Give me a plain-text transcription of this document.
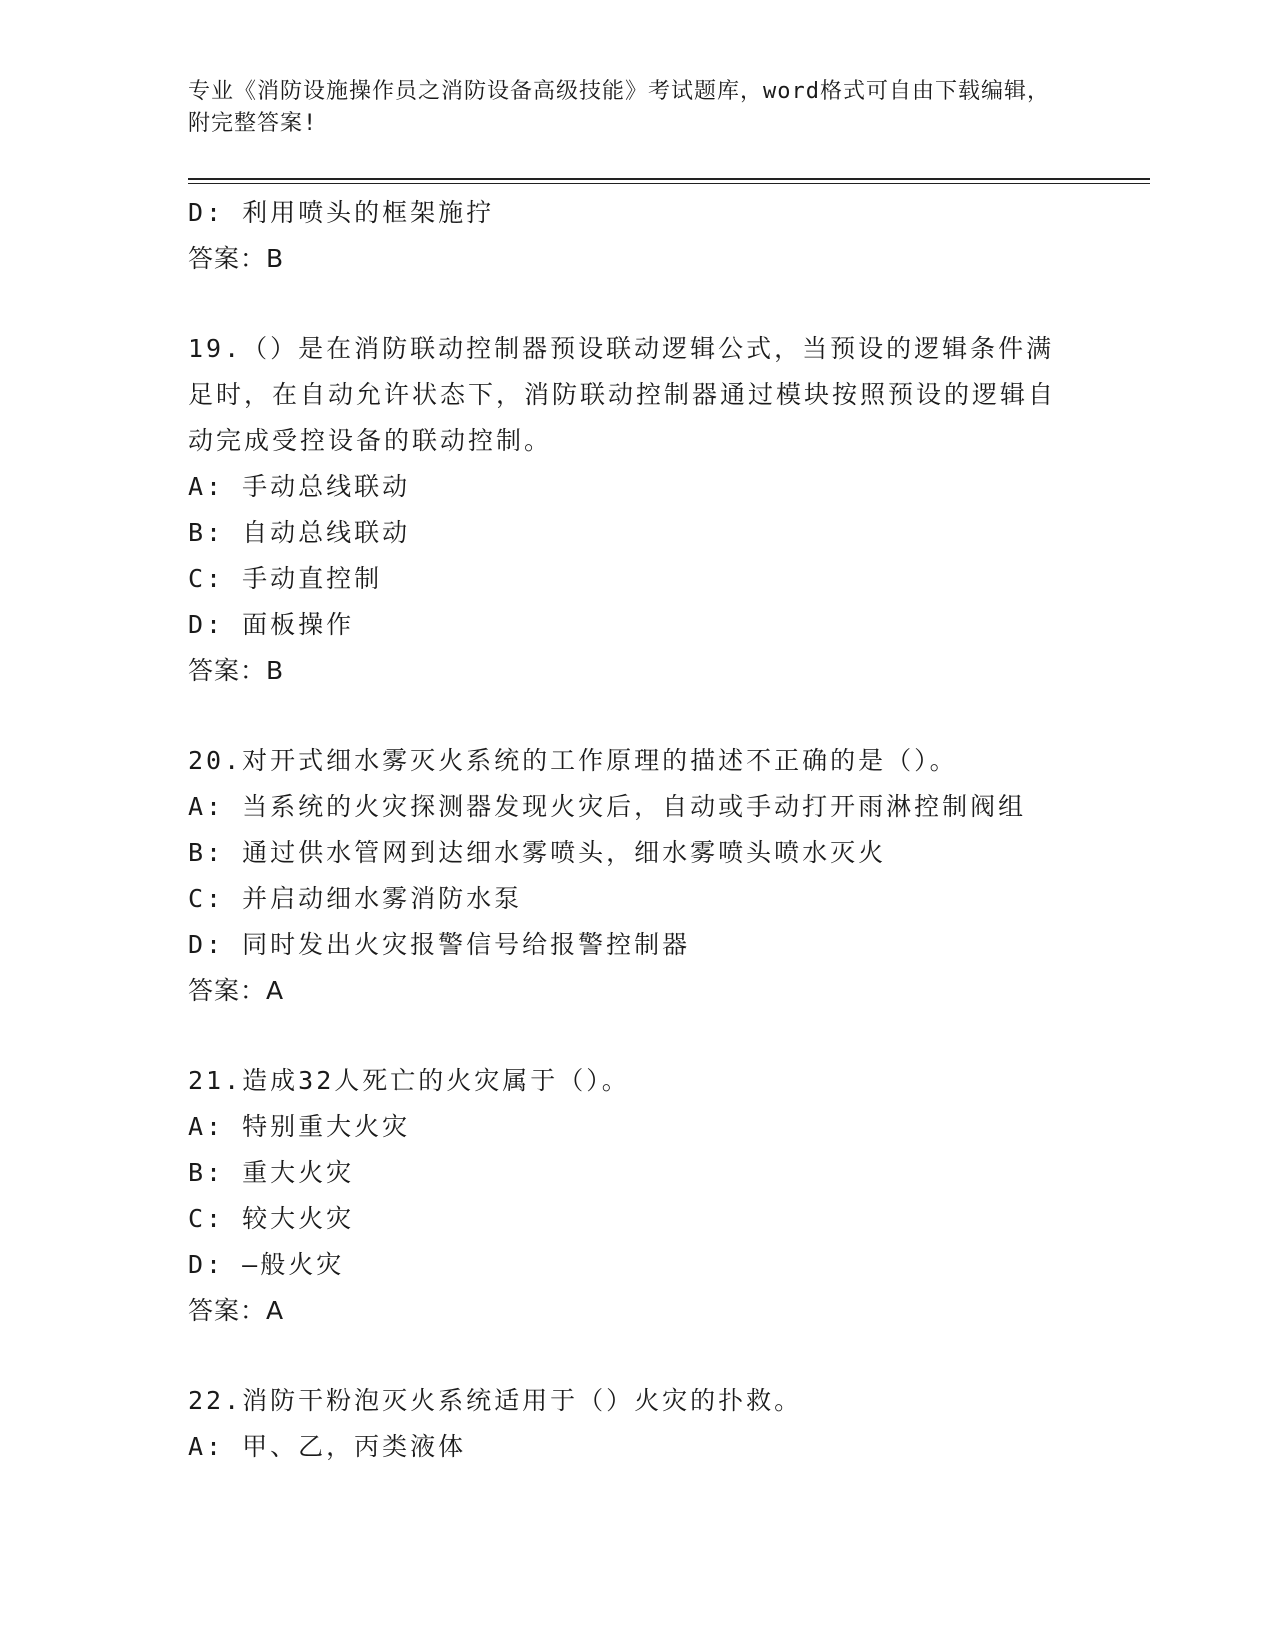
专业《消防设施操作员之消防设备高级技能》考试题库，word格式可自由下载编辑，附完整答案!
D: 利用喷头的框架施拧
答案：B
19.（）是在消防联动控制器预设联动逻辑公式，当预设的逻辑条件满足时，在自动允许状态下，消防联动控制器通过模块按照预设的逻辑自动完成受控设备的联动控制。
A: 手动总线联动
B: 自动总线联动
C: 手动直控制
D: 面板操作
答案：B
20.对开式细水雾灭火系统的工作原理的描述不正确的是（）。
A: 当系统的火灾探测器发现火灾后，自动或手动打开雨淋控制阀组
B: 通过供水管网到达细水雾喷头，细水雾喷头喷水灭火
C: 并启动细水雾消防水泵
D: 同时发出火灾报警信号给报警控制器
答案：A
21.造成32人死亡的火灾属于（）。
A: 特别重大火灾
B: 重大火灾
C: 较大火灾
D: —般火灾
答案：A
22.消防干粉泡灭火系统适用于（）火灾的扑救。
A: 甲、乙，丙类液体
